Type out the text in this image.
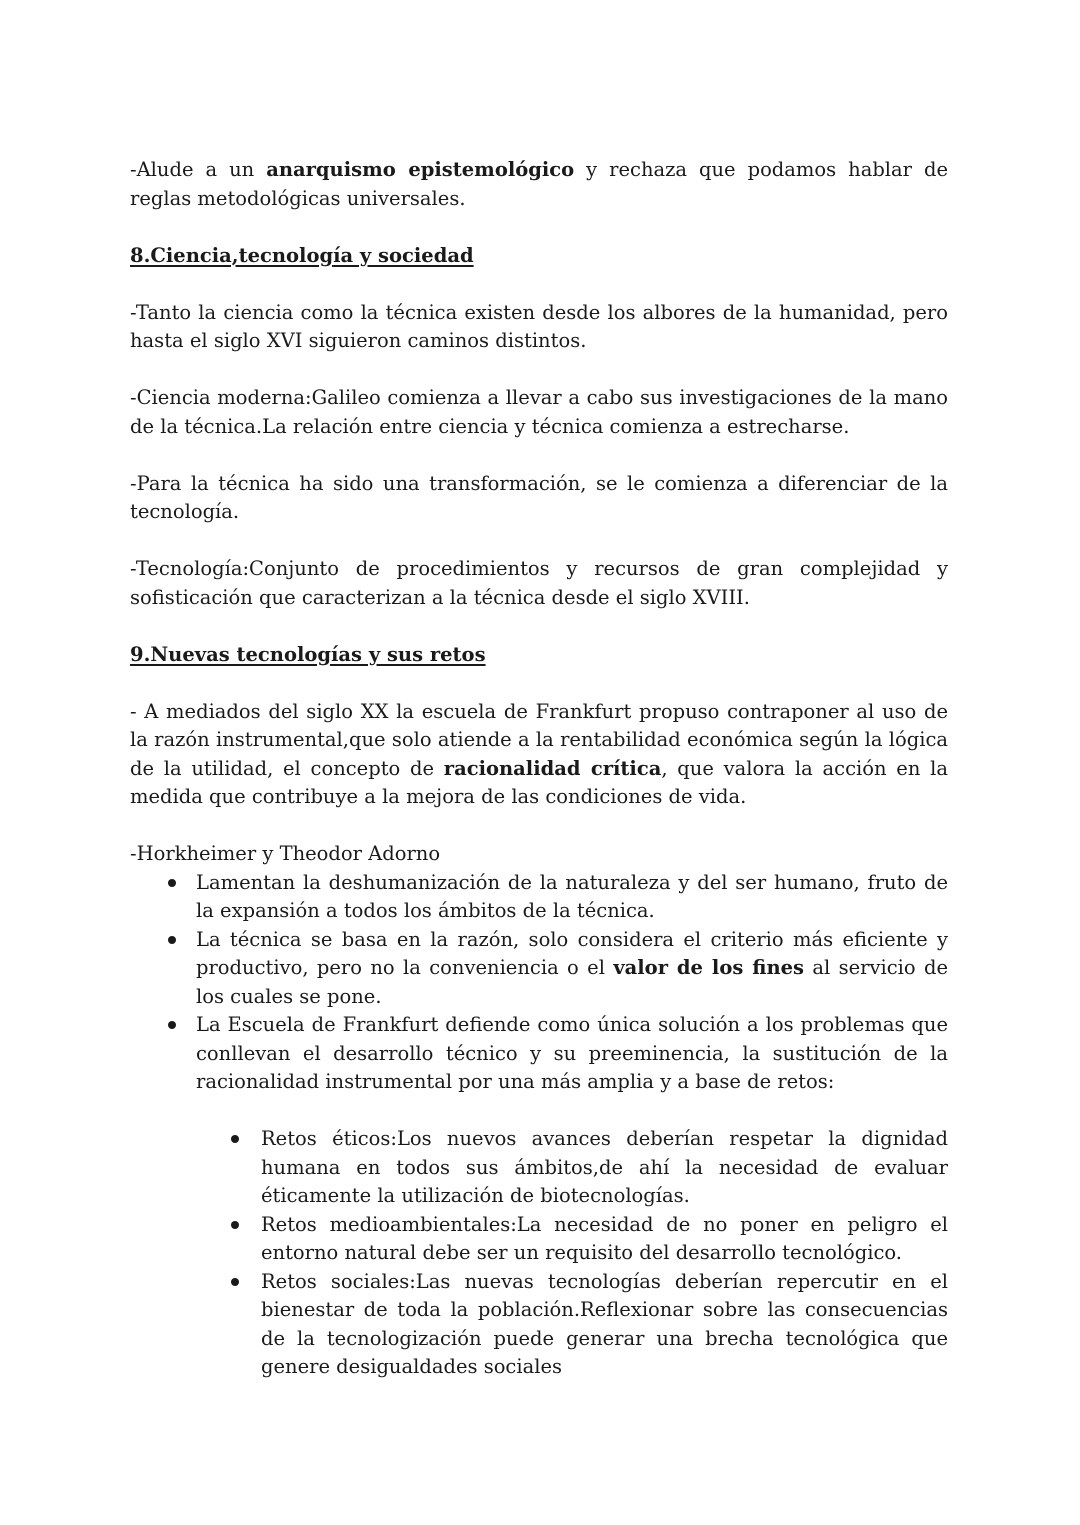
-Alude a un anarquismo epistemológico y rechaza que podamos hablar de reglas metodológicas universales.

8.Ciencia,tecnología y sociedad

-Tanto la ciencia como la técnica existen desde los albores de la humanidad, pero hasta el siglo XVI siguieron caminos distintos.

-Ciencia moderna:Galileo comienza a llevar a cabo sus investigaciones de la mano de la técnica.La relación entre ciencia y técnica comienza a estrecharse.

-Para la técnica ha sido una transformación, se le comienza a diferenciar de la tecnología.

-Tecnología:Conjunto de procedimientos y recursos de gran complejidad y sofisticación que caracterizan a la técnica desde el siglo XVIII.

9.Nuevas tecnologías y sus retos

- A mediados del siglo XX la escuela de Frankfurt propuso contraponer al uso de la razón instrumental,que solo atiende a la rentabilidad económica según la lógica de la utilidad, el concepto de racionalidad crítica, que valora la acción en la medida que contribuye a la mejora de las condiciones de vida.

-Horkheimer y Theodor Adorno

Lamentan la deshumanización de la naturaleza y del ser humano, fruto de la expansión a todos los ámbitos de la técnica.
La técnica se basa en la razón, solo considera el criterio más eficiente y productivo, pero no la conveniencia o el valor de los fines al servicio de los cuales se pone.
La Escuela de Frankfurt defiende como única solución a los problemas que conllevan el desarrollo técnico y su preeminencia, la sustitución de la racionalidad instrumental por una más amplia y a base de retos:
Retos éticos:Los nuevos avances deberían respetar la dignidad humana en todos sus ámbitos,de ahí la necesidad de evaluar éticamente la utilización de biotecnologías.
Retos medioambientales:La necesidad de no poner en peligro el entorno natural debe ser un requisito del desarrollo tecnológico.
Retos sociales:Las nuevas tecnologías deberían repercutir en el bienestar de toda la población.Reflexionar sobre las consecuencias de la tecnologización puede generar una brecha tecnológica que genere desigualdades sociales
